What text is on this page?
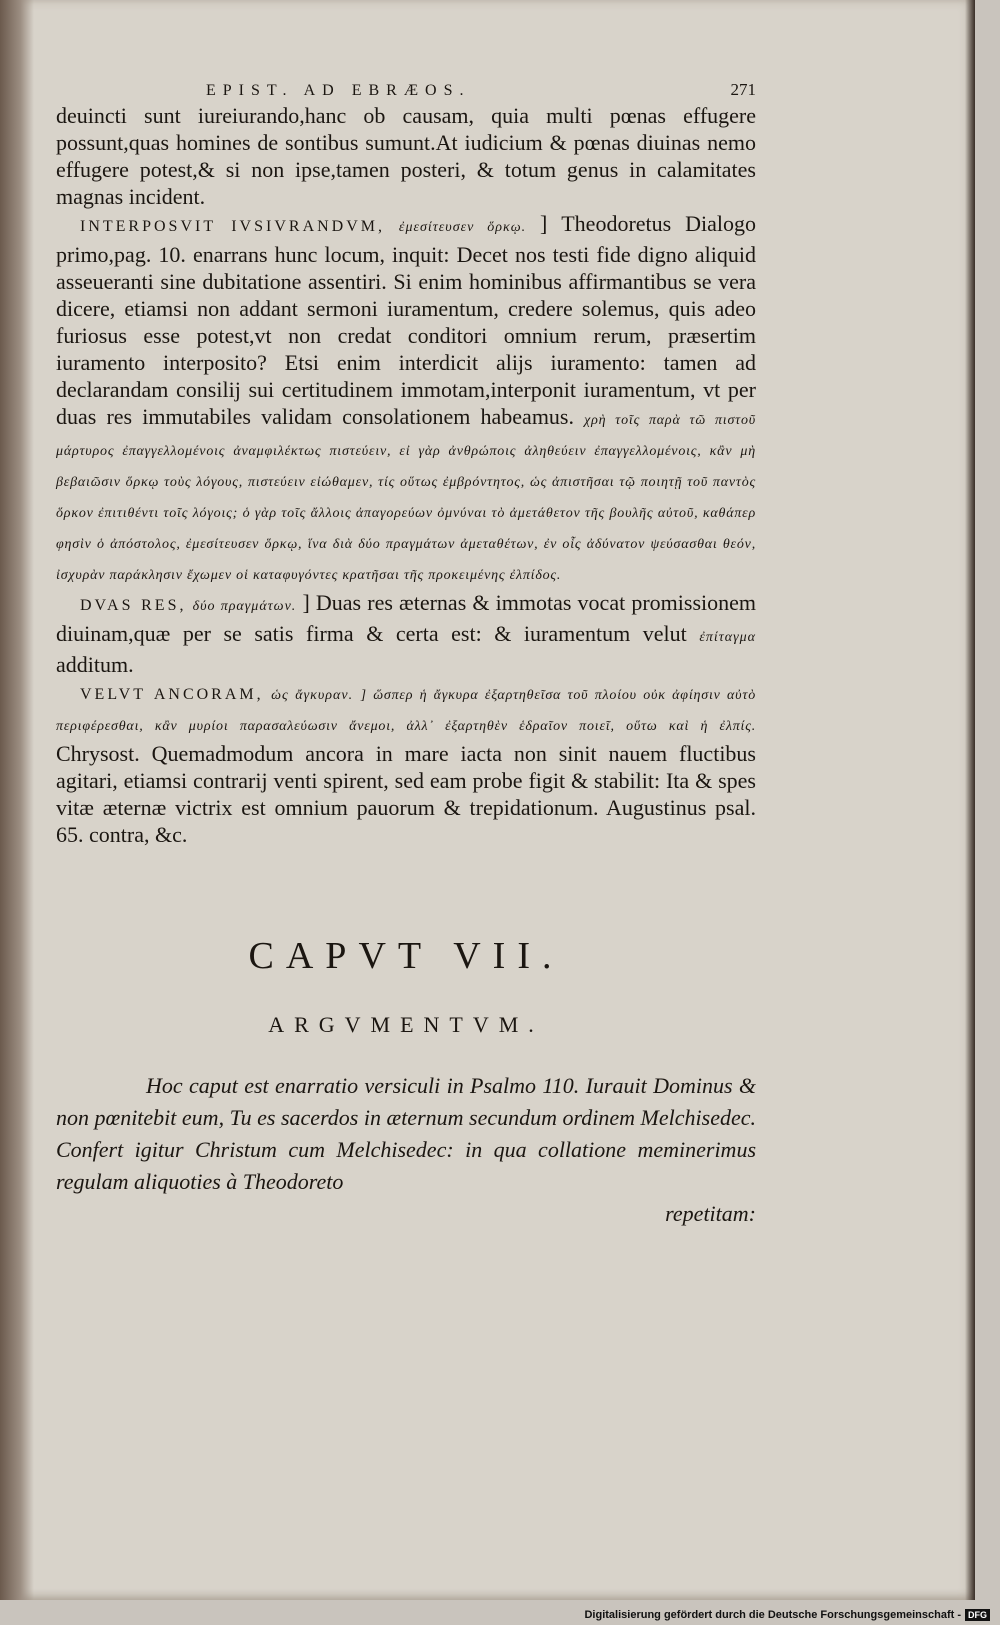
EPIST. AD EBRÆOS.	271

deuincti sunt iureiurando,hanc ob causam, quia multi pœnas effugere possunt,quas homines de sontibus sumunt.At iudicium & pœnas diuinas nemo effugere potest,& si non ipse,tamen posteri, & totum genus in calamitates magnas incident.

INTERPOSVIT IVSIVRANDVM, ἐμεσίτευσεν ὅρκῳ. ] Theodoretus Dialogo primo,pag. 10. enarrans hunc locum, inquit: Decet nos testi fide digno aliquid asseueranti sine dubitatione assentiri. Si enim hominibus affirmantibus se vera dicere, etiamsi non addant sermoni iuramentum, credere solemus, quis adeo furiosus esse potest,vt non credat conditori omnium rerum, præsertim iuramento interposito? Etsi enim interdicit alijs iuramento: tamen ad declarandam consilij sui certitudinem immotam,interponit iuramentum, vt per duas res immutabiles validam consolationem habeamus. χρὴ τοῖς παρὰ τῶ πιστοῦ μάρτυρος ἐπαγγελλομένοις ἀναμφιλέκτως πιστεύειν, εἰ γὰρ ἀνθρώποις ἀληθεύειν ἐπαγγελλομένοις, κἂν μὴ βεβαιῶσιν ὅρκῳ τοὺς λόγους, πιστεύειν εἰώθαμεν, τίς οὕτως ἐμβρόντητος, ὡς ἀπιστῆσαι τῷ ποιητῇ τοῦ παντὸς ὅρκον ἐπιτιθέντι τοῖς λόγοις; ὁ γὰρ τοῖς ἄλλοις ἀπαγορεύων ὀμνύναι τὸ ἀμετάθετον τῆς βουλῆς αὐτοῦ, καθάπερ φησὶν ὁ ἀπόστολος, ἐμεσίτευσεν ὅρκῳ, ἵνα διὰ δύο πραγμάτων ἀμεταθέτων, ἐν οἷς ἀδύνατον ψεύσασθαι θεόν, ἰσχυρὰν παράκλησιν ἔχωμεν οἱ καταφυγόντες κρατῆσαι τῆς προκειμένης ἐλπίδος.

DVAS RES, δύο πραγμάτων. ] Duas res æternas & immotas vocat promissionem diuinam,quæ per se satis firma & certa est: & iuramentum velut ἐπίταγμα additum.

VELVT ANCORAM, ὡς ἄγκυραν. ] ὥσπερ ἡ ἄγκυρα ἐξαρτηθεῖσα τοῦ πλοίου οὐκ ἀφίησιν αὐτὸ περιφέρεσθαι, κἂν μυρίοι παρασαλεύωσιν ἄνεμοι, ἀλλ᾽ ἐξαρτηθὲν ἑδραῖον ποιεῖ, οὕτω καὶ ἡ ἐλπίς. Chrysost. Quemadmodum ancora in mare iacta non sinit nauem fluctibus agitari, etiamsi contrarij venti spirent, sed eam probe figit & stabilit: Ita & spes vitæ æternæ victrix est omnium pauorum & trepidationum. Augustinus psal. 65. contra, &c.

CAPVT VII.
ARGVMENTVM.

Hoc caput est enarratio versiculi in Psalmo 110. Iurauit Dominus & non pœnitebit eum, Tu es sacerdos in æternum secundum ordinem Melchisedec. Confert igitur Christum cum Melchisedec: in qua collatione meminerimus regulam aliquoties à Theodoreto

repetitam:

Digitalisierung gefördert durch die Deutsche Forschungsgemeinschaft - DFG
